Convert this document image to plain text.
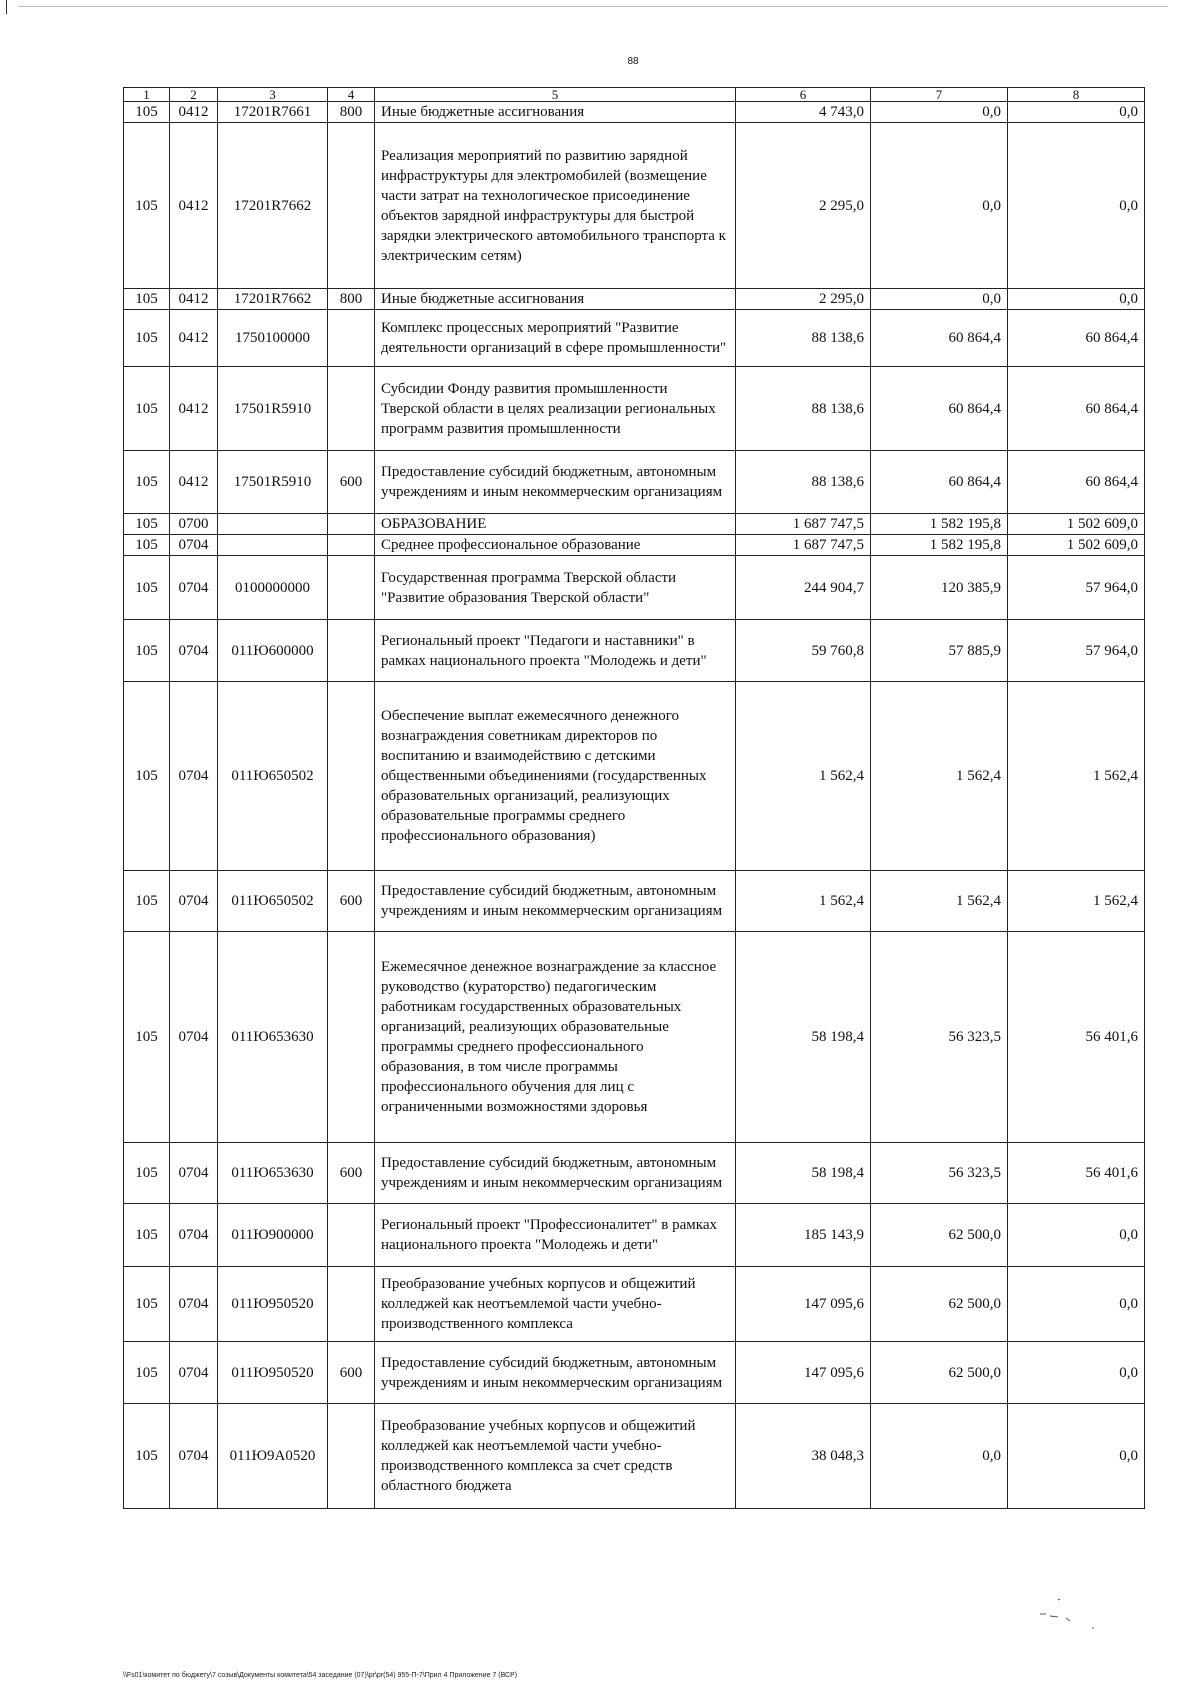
88
1	2	3	4	5	6	7	8
105	0412	17201R7661	800	Иные бюджетные ассигнования	4 743,0	0,0	0,0
105	0412	17201R7662		Реализация мероприятий по развитию зарядной инфраструктуры для электромобилей (возмещение части затрат на технологическое присоединение объектов зарядной инфраструктуры для быстрой зарядки электрического автомобильного транспорта к электрическим сетям)	2 295,0	0,0	0,0
105	0412	17201R7662	800	Иные бюджетные ассигнования	2 295,0	0,0	0,0
105	0412	1750100000		Комплекс процессных мероприятий "Развитие деятельности организаций в сфере промышленности"	88 138,6	60 864,4	60 864,4
105	0412	17501R5910		Субсидии Фонду развития промышленности Тверской области в целях реализации региональных программ развития промышленности	88 138,6	60 864,4	60 864,4
105	0412	17501R5910	600	Предоставление субсидий бюджетным, автономным учреждениям и иным некоммерческим организациям	88 138,6	60 864,4	60 864,4
105	0700			ОБРАЗОВАНИЕ	1 687 747,5	1 582 195,8	1 502 609,0
105	0704			Среднее профессиональное образование	1 687 747,5	1 582 195,8	1 502 609,0
105	0704	0100000000		Государственная программа Тверской области "Развитие образования Тверской области"	244 904,7	120 385,9	57 964,0
105	0704	011Ю600000		Региональный проект "Педагоги и наставники" в рамках национального проекта "Молодежь и дети"	59 760,8	57 885,9	57 964,0
105	0704	011Ю650502		Обеспечение выплат ежемесячного денежного вознаграждения советникам директоров по воспитанию и взаимодействию с детскими общественными объединениями (государственных образовательных организаций, реализующих образовательные программы среднего профессионального образования)	1 562,4	1 562,4	1 562,4
105	0704	011Ю650502	600	Предоставление субсидий бюджетным, автономным учреждениям и иным некоммерческим организациям	1 562,4	1 562,4	1 562,4
105	0704	011Ю653630		Ежемесячное денежное вознаграждение за классное руководство (кураторство) педагогическим работникам государственных образовательных организаций, реализующих образовательные программы среднего профессионального образования, в том числе программы профессионального обучения для лиц с ограниченными возможностями здоровья	58 198,4	56 323,5	56 401,6
105	0704	011Ю653630	600	Предоставление субсидий бюджетным, автономным учреждениям и иным некоммерческим организациям	58 198,4	56 323,5	56 401,6
105	0704	011Ю900000		Региональный проект "Профессионалитет" в рамках национального проекта "Молодежь и дети"	185 143,9	62 500,0	0,0
105	0704	011Ю950520		Преобразование учебных корпусов и общежитий колледжей как неотъемлемой части учебно-производственного комплекса	147 095,6	62 500,0	0,0
105	0704	011Ю950520	600	Предоставление субсидий бюджетным, автономным учреждениям и иным некоммерческим организациям	147 095,6	62 500,0	0,0
105	0704	011Ю9А0520		Преобразование учебных корпусов и общежитий колледжей как неотъемлемой части учебно-производственного комплекса за счет средств областного бюджета	38 048,3	0,0	0,0
\\Fs01\комитет по бюджету\7 созыв\Документы комитета\54 заседание (07)\pr\pr(54) 955-П-7\Прил 4 Приложение 7 (ВСР)
